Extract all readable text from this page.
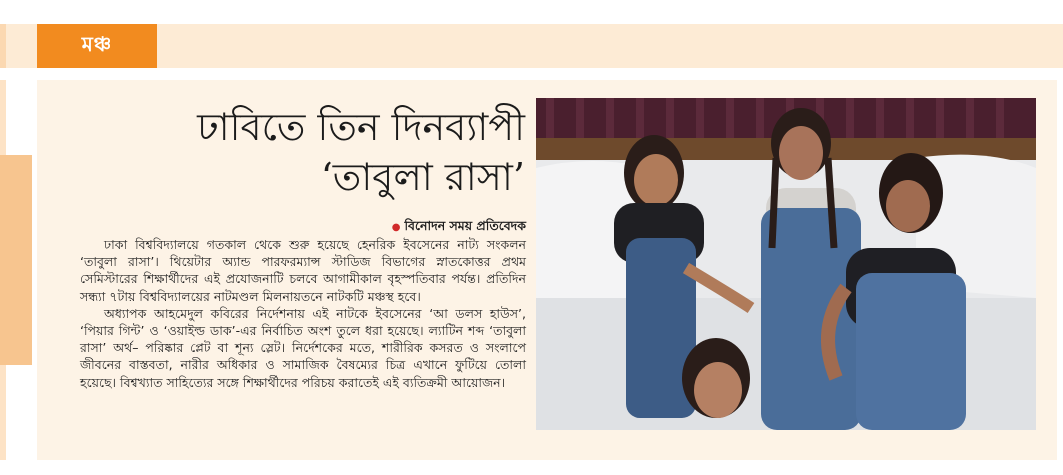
মঞ্চ
ঢাবিতে তিন দিনব্যাপী
‘তাবুলা রাসা’
● বিনোদন সময় প্রতিবেদক

ঢাকা বিশ্ববিদ্যালয়ে গতকাল থেকে শুরু হয়েছে হেনরিক ইবসেনের নাট্য সংকলন ‘তাবুলা রাসা’। থিয়েটার অ্যান্ড পারফরম্যান্স স্টাডিজ বিভাগের স্নাতকোত্তর প্রথম সেমিস্টারের শিক্ষার্থীদের এই প্রযোজনাটি চলবে আগামীকাল বৃহস্পতিবার পর্যন্ত। প্রতিদিন সন্ধ্যা ৭টায় বিশ্ববিদ্যালয়ের নাটমণ্ডল মিলনায়তনে নাটকটি মঞ্চস্থ হবে।

অধ্যাপক আহমেদুল কবিরের নির্দেশনায় এই নাটকে ইবসেনের ‘আ ডলস হাউস’, ‘পিয়ার গিন্ট’ ও ‘ওয়াইল্ড ডাক’-এর নির্বাচিত অংশ তুলে ধরা হয়েছে। ল্যাটিন শব্দ ‘তাবুলা রাসা’ অর্থ– পরিষ্কার প্লেট বা শূন্য স্লেট। নির্দেশকের মতে, শারীরিক কসরত ও সংলাপে জীবনের বাস্তবতা, নারীর অধিকার ও সামাজিক বৈষম্যের চিত্র এখানে ফুটিয়ে তোলা হয়েছে। বিশ্বখ্যাত সাহিত্যের সঙ্গে শিক্ষার্থীদের পরিচয় করাতেই এই ব্যতিক্রমী আয়োজন।
